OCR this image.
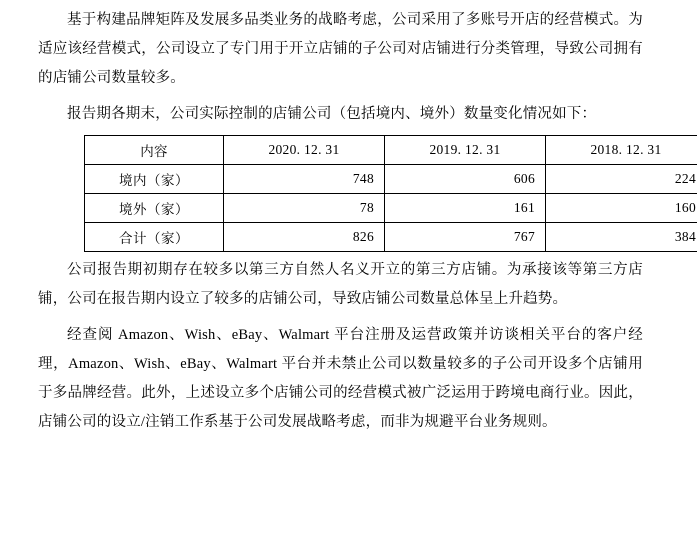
基于构建品牌矩阵及发展多品类业务的战略考虑，公司采用了多账号开店的经营模式。为适应该经营模式，公司设立了专门用于开立店铺的子公司对店铺进行分类管理，导致公司拥有的店铺公司数量较多。

报告期各期末，公司实际控制的店铺公司（包括境内、境外）数量变化情况如下：

内容	2020. 12. 31	2019. 12. 31	2018. 12. 31
境内（家）	748	606	224
境外（家）	78	161	160
合计（家）	826	767	384

公司报告期初期存在较多以第三方自然人名义开立的第三方店铺。为承接该等第三方店铺，公司在报告期内设立了较多的店铺公司，导致店铺公司数量总体呈上升趋势。

经查阅 Amazon、Wish、eBay、Walmart 平台注册及运营政策并访谈相关平台的客户经理，Amazon、Wish、eBay、Walmart 平台并未禁止公司以数量较多的子公司开设多个店铺用于多品牌经营。此外，上述设立多个店铺公司的经营模式被广泛运用于跨境电商行业。因此，店铺公司的设立/注销工作系基于公司发展战略考虑，而非为规避平台业务规则。
